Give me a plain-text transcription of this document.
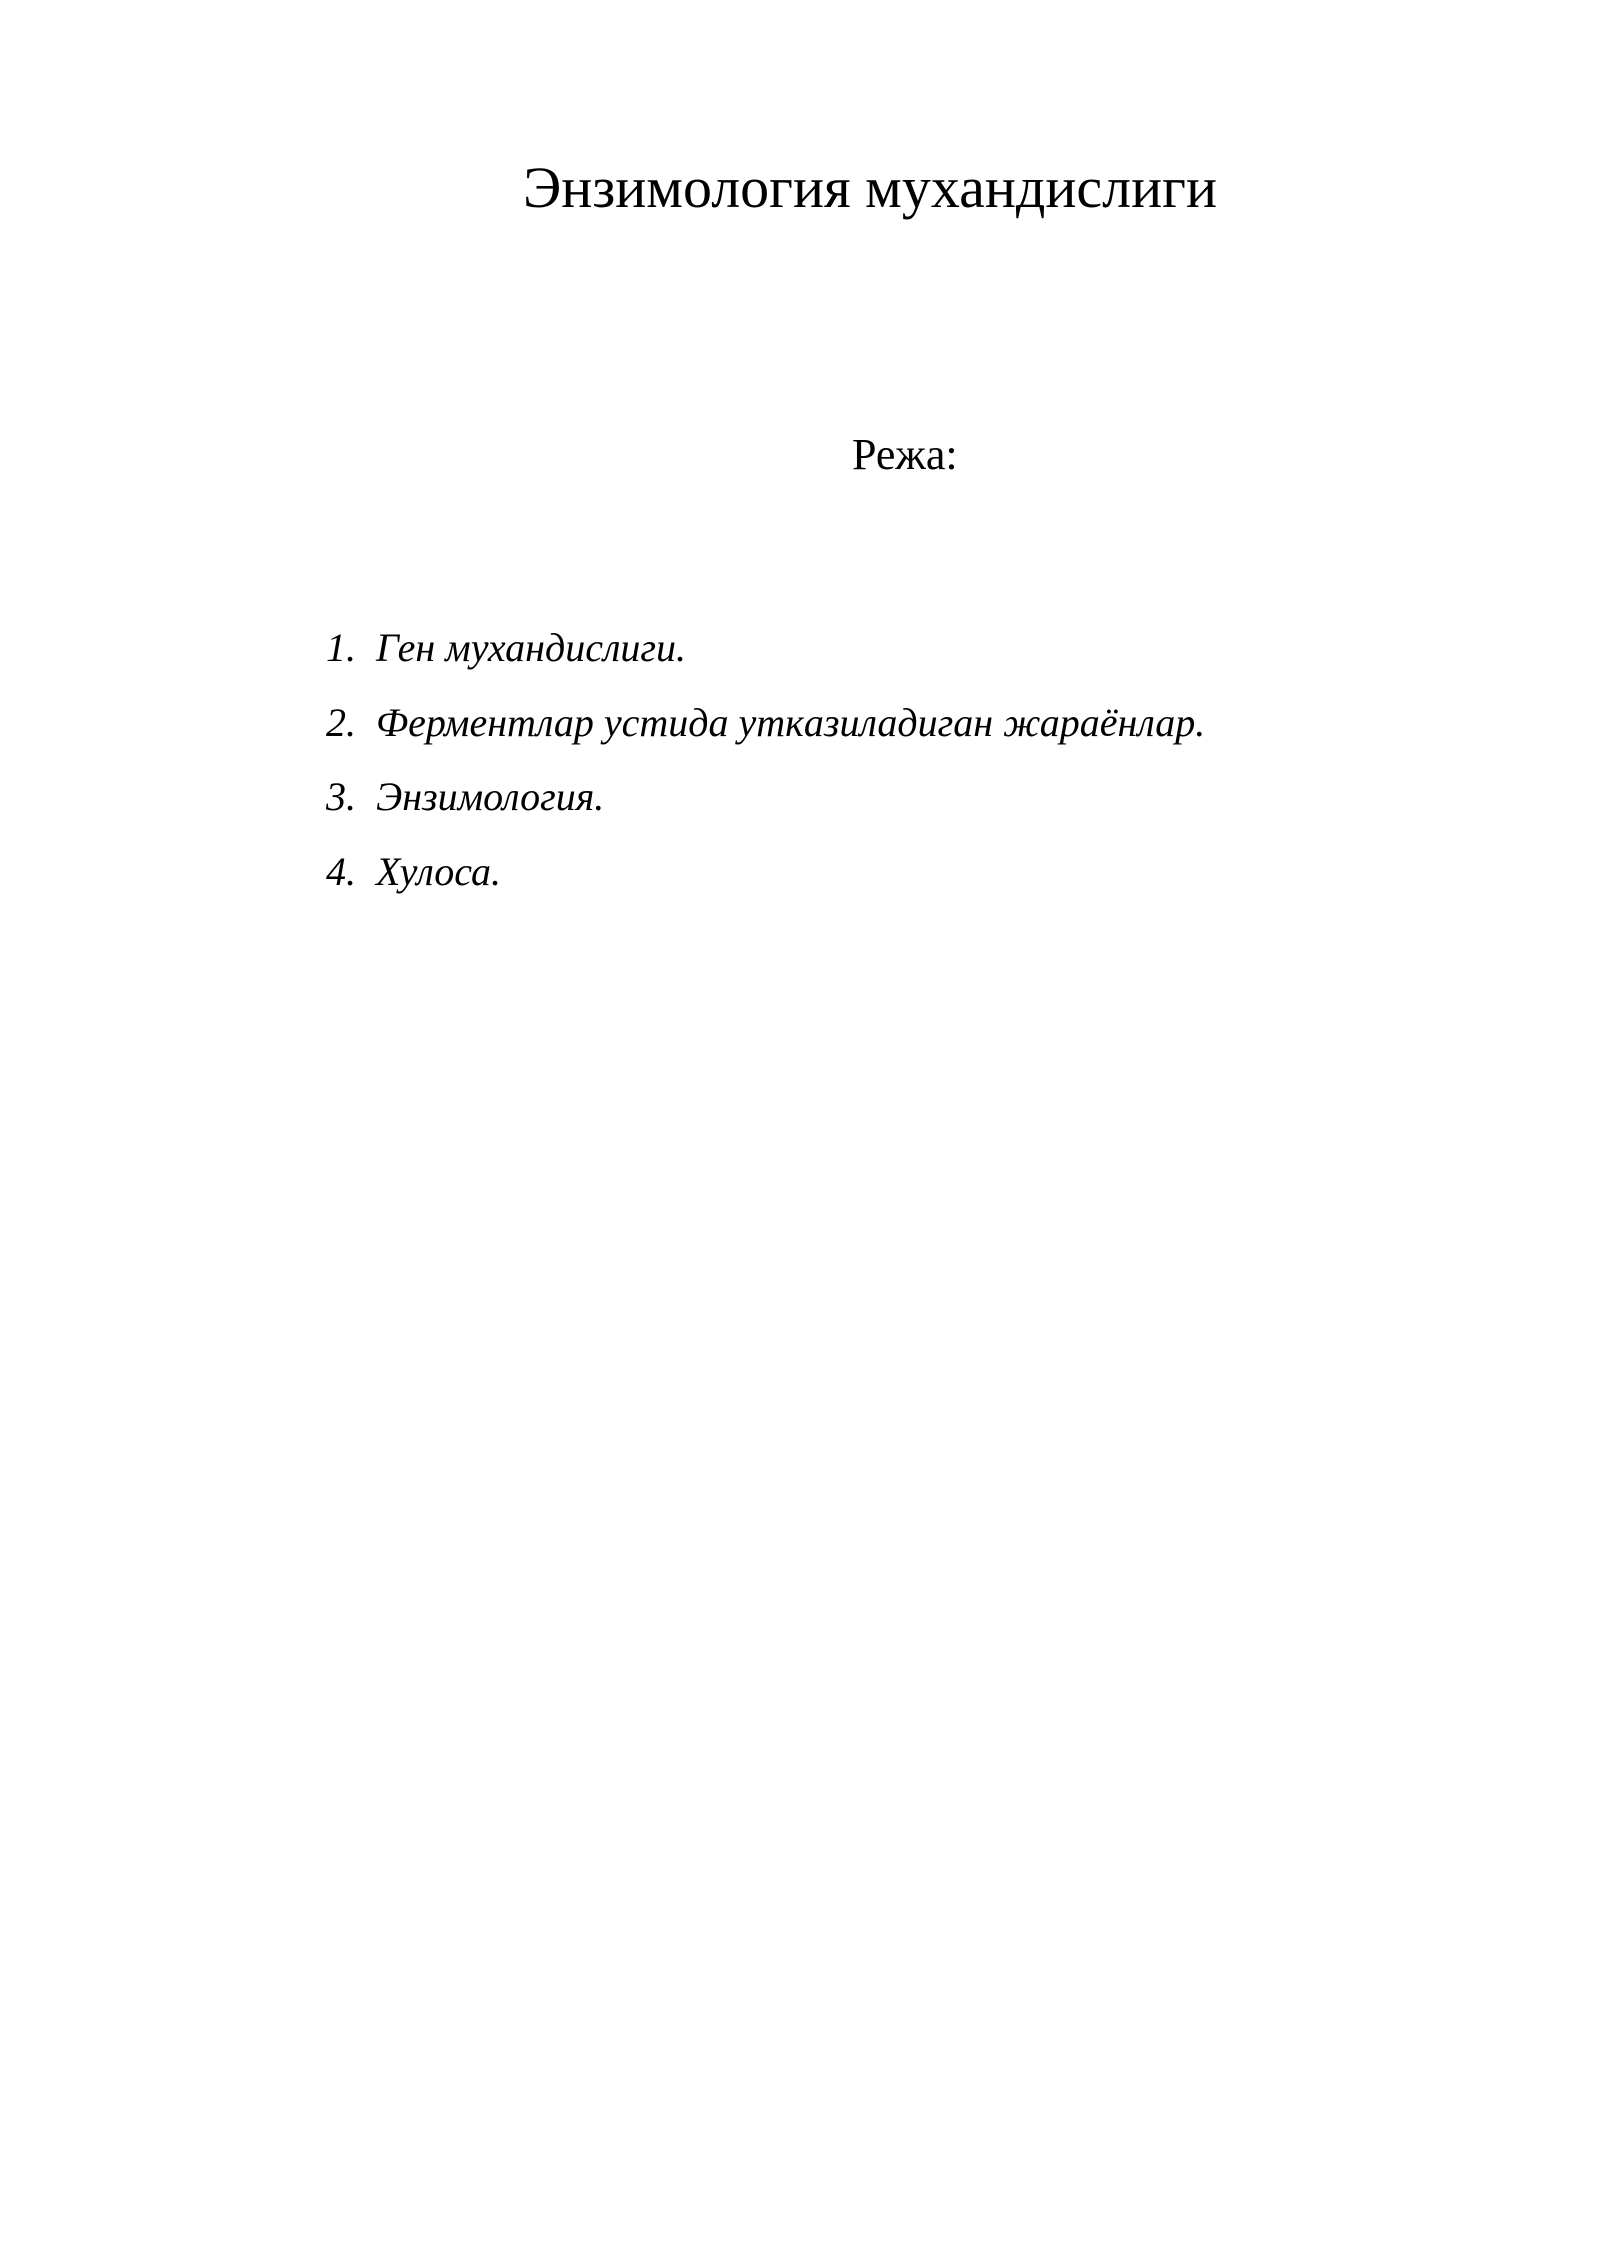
Энзимология мухандислиги
Режа:
1. Ген мухандислиги.
2. Ферментлар устида уткaзиладиган жараёнлар.
3. Энзимология.
4. Хулоса.
